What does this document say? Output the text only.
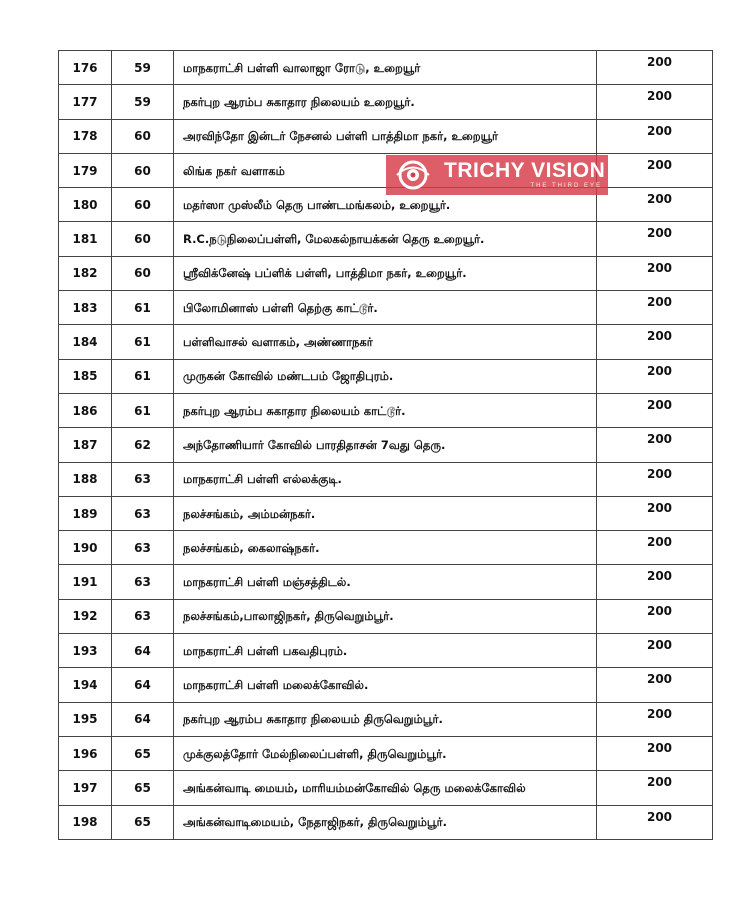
176	59	மாநகராட்சி பள்ளி வாலாஜா ரோடு, உறையூர்	200
177	59	நகர்புற ஆரம்ப சுகாதார நிலையம் உறையூர்.	200
178	60	அரவிந்தோ இன்டர் நேசனல் பள்ளி பாத்திமா நகர், உறையூர்	200
179	60	லிங்க நகர் வளாகம்	200
180	60	மதர்ஸா முஸ்லீம் தெரு பாண்டமங்கலம், உறையூர்.	200
181	60	R.C.நடுநிலைப்பள்ளி, மேலகல்நாயக்கன் தெரு உறையூர்.	200
182	60	ஸ்ரீவிக்னேஷ் பப்ளிக் பள்ளி, பாத்திமா நகர், உறையூர்.	200
183	61	பிலோமினாஸ் பள்ளி தெற்கு காட்டூர்.	200
184	61	பள்ளிவாசல் வளாகம், அண்ணாநகர்	200
185	61	முருகன் கோவில் மண்டபம் ஜோதிபுரம்.	200
186	61	நகர்புற ஆரம்ப சுகாதார நிலையம் காட்டூர்.	200
187	62	அந்தோணியார் கோவில் பாரதிதாசன் 7வது தெரு.	200
188	63	மாநகராட்சி பள்ளி எல்லக்குடி.	200
189	63	நலச்சங்கம், அம்மன்நகர்.	200
190	63	நலச்சங்கம், கைலாஷ்நகர்.	200
191	63	மாநகராட்சி பள்ளி மஞ்சத்திடல்.	200
192	63	நலச்சங்கம்,பாலாஜிநகர், திருவெறும்பூர்.	200
193	64	மாநகராட்சி பள்ளி பகவதிபுரம்.	200
194	64	மாநகராட்சி பள்ளி மலைக்கோவில்.	200
195	64	நகர்புற ஆரம்ப சுகாதார நிலையம் திருவெறும்பூர்.	200
196	65	முக்குலத்தோர் மேல்நிலைப்பள்ளி, திருவெறும்பூர்.	200
197	65	அங்கன்வாடி மையம், மாரியம்மன்கோவில் தெரு மலைக்கோவில்	200
198	65	அங்கன்வாடிமையம், நேதாஜிநகர், திருவெறும்பூர்.	200
TRICHY VISION
THE THIRD EYE
